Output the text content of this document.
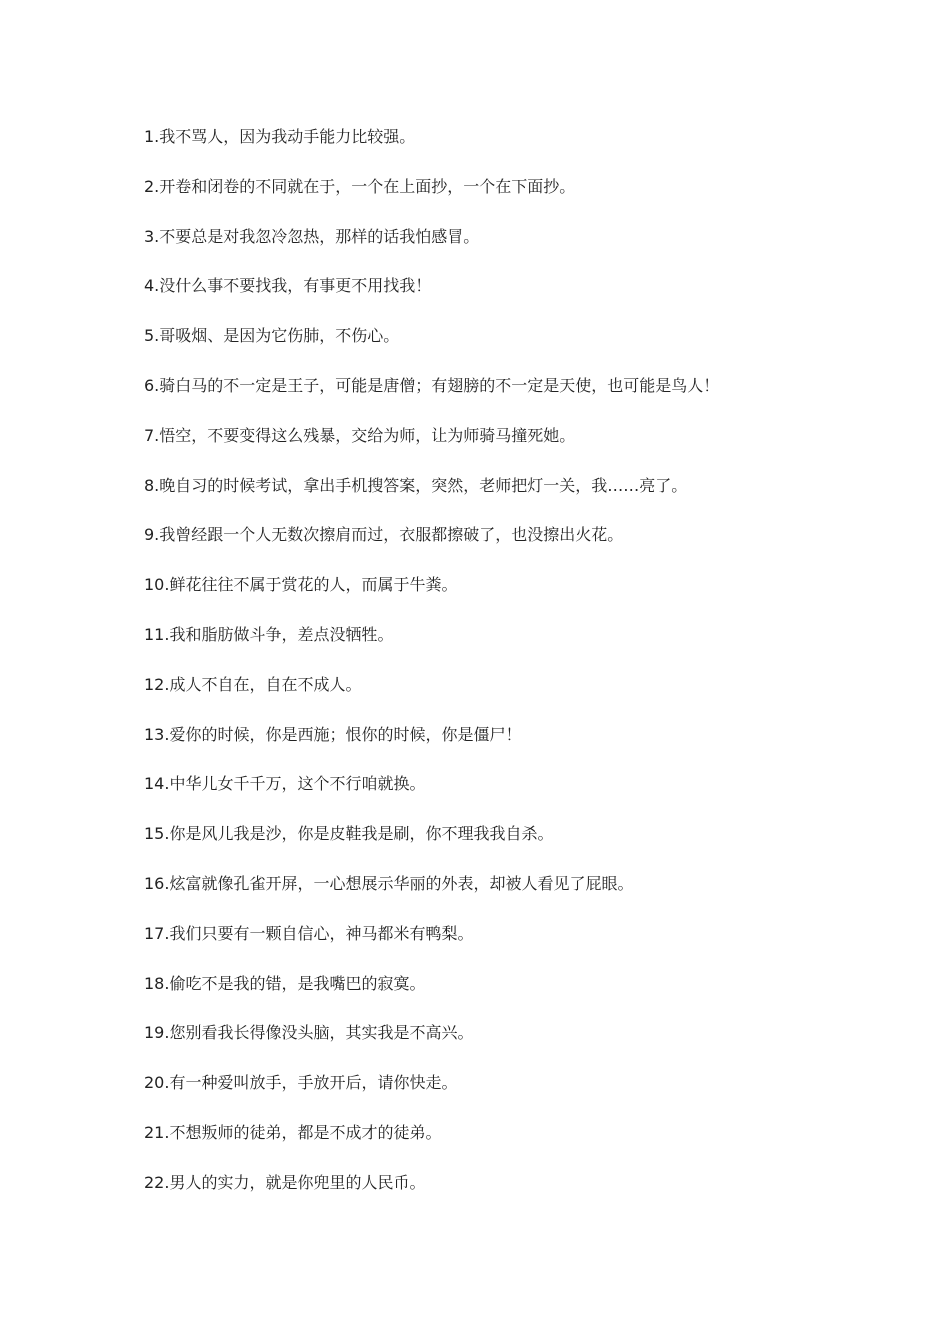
1.我不骂人，因为我动手能力比较强。
2.开卷和闭卷的不同就在于，一个在上面抄，一个在下面抄。
3.不要总是对我忽冷忽热，那样的话我怕感冒。
4.没什么事不要找我，有事更不用找我！
5.哥吸烟、是因为它伤肺，不伤心。
6.骑白马的不一定是王子，可能是唐僧；有翅膀的不一定是天使，也可能是鸟人！
7.悟空，不要变得这么残暴，交给为师，让为师骑马撞死她。
8.晚自习的时候考试，拿出手机搜答案，突然，老师把灯一关，我……亮了。
9.我曾经跟一个人无数次擦肩而过，衣服都擦破了，也没擦出火花。
10.鲜花往往不属于赏花的人，而属于牛粪。
11.我和脂肪做斗争，差点没牺牲。
12.成人不自在，自在不成人。
13.爱你的时候，你是西施；恨你的时候，你是僵尸！
14.中华儿女千千万，这个不行咱就换。
15.你是风儿我是沙，你是皮鞋我是刷，你不理我我自杀。
16.炫富就像孔雀开屏，一心想展示华丽的外表，却被人看见了屁眼。
17.我们只要有一颗自信心，神马都米有鸭梨。
18.偷吃不是我的错，是我嘴巴的寂寞。
19.您别看我长得像没头脑，其实我是不高兴。
20.有一种爱叫放手，手放开后，请你快走。
21.不想叛师的徒弟，都是不成才的徒弟。
22.男人的实力，就是你兜里的人民币。
